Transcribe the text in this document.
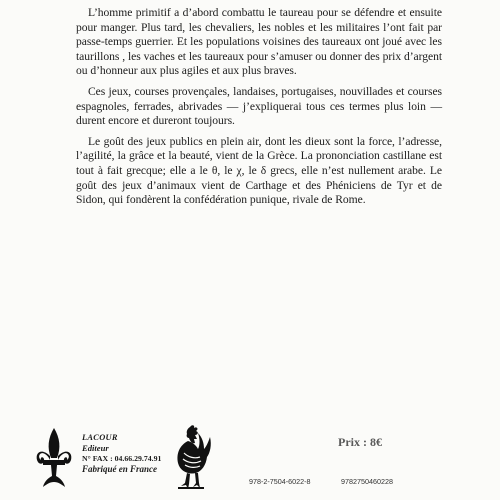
L’homme primitif a d’abord combattu le taureau pour se défendre et ensuite pour manger. Plus tard, les chevaliers, les nobles et les militaires l’ont fait par passe-temps guerrier. Et les populations voisines des taureaux ont joué avec les taurillons , les vaches et les taureaux pour s’amuser ou donner des prix d’argent ou d’honneur aux plus agiles et aux plus braves.

Ces jeux, courses provençales, landaises, portugaises, nouvillades et courses espagnoles, ferrades, abrivades — j’expliquerai tous ces termes plus loin — durent encore et dureront toujours.

Le goût des jeux publics en plein air, dont les dieux sont la force, l’adresse, l’agilité, la grâce et la beauté, vient de la Grèce. La prononciation castillane est tout à fait grecque; elle a le θ, le χ, le δ grecs, elle n’est nullement arabe. Le goût des jeux d’animaux vient de Carthage et des Phéniciens de Tyr et de Sidon, qui fondèrent la confédération punique, rivale de Rome.

LACOUR
Editeur
N° FAX : 04.66.29.74.91
Fabriqué en France
Prix : 8€
978-2-7504-6022-8	9782750460228
